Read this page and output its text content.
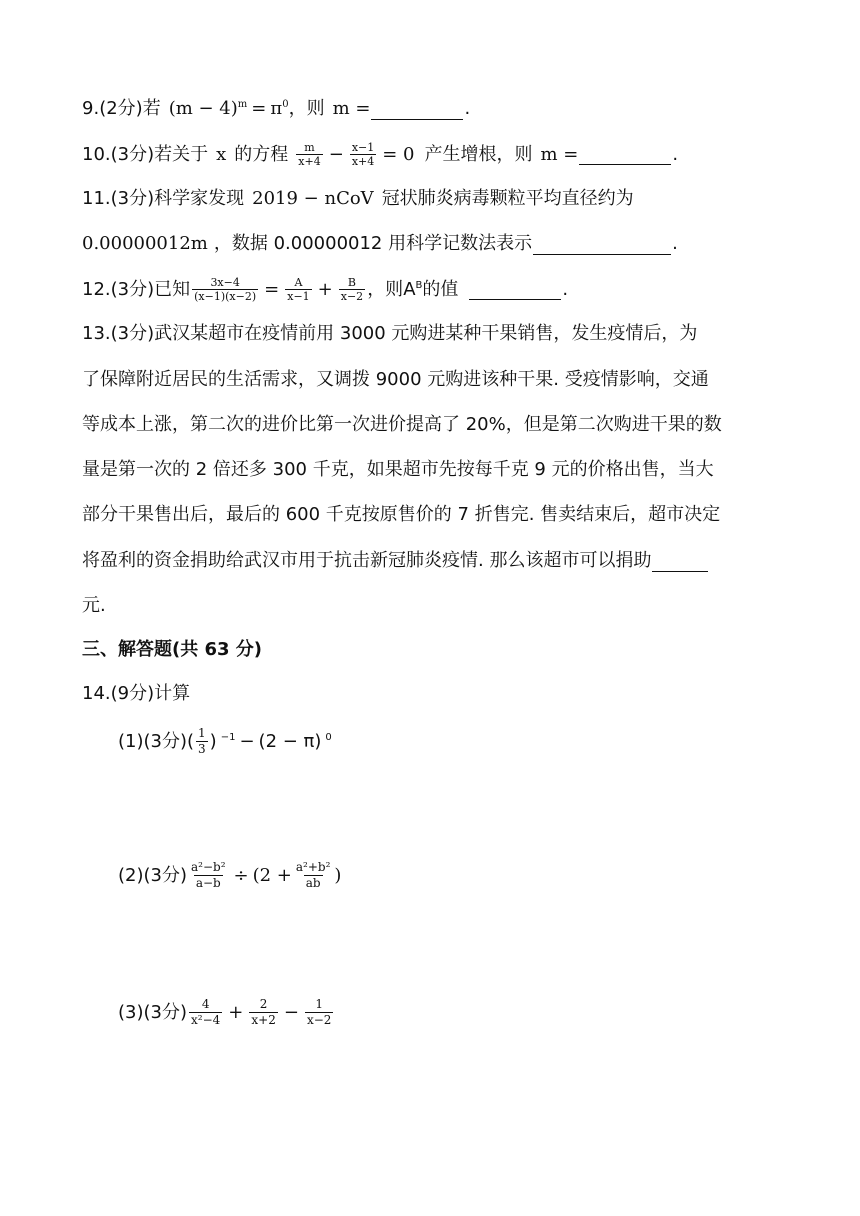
9. (2分) 若 $(m - 4)^m = \pi^0$ ，则 m =	.
10. (3分) 若关于 x 的方程 $\frac{m}{x+4} - \frac{x-1}{x+4} = 0$ 产生增根，则 m =	.
11. (3分) 科学家发现 2019 − nCoV 冠状肺炎病毒颗粒平均直径约为
0.00000012m ，数据 0.00000012 用科学记数法表示	.
12. (3分) 已知 $\frac{3x-4}{(x-1)(x-2)} = \frac{A}{x-1} + \frac{B}{x-2}$ ，则 $A^B$ 的值	.
13. (3分) 武汉某超市在疫情前用 3000 元购进某种干果销售，发生疫情后，为
了保障附近居民的生活需求，又调拨 9000 元购进该种干果. 受疫情影响，交通
等成本上涨，第二次的进价比第一次进价提高了 20%，但是第二次购进干果的数
量是第一次的 2 倍还多 300 千克，如果超市先按每千克 9 元的价格出售，当大
部分干果售出后，最后的 600 千克按原售价的 7 折售完. 售卖结束后，超市决定
将盈利的资金捐助给武汉市用于抗击新冠肺炎疫情. 那么该超市可以捐助
元.
三、解答题(共 63 分)
14. (9分) 计算
(1)(3分) ( $\frac{1}{3}$ ) $^{-1}$ − (2 − π) $^0$
(2)(3分) $\frac{\text{a²−b²}}{a-b} \div (2 + \frac{\text{a²+b²}}{ab}$ )
(3)(3分) $\frac{4}{\text{x²−4}} + \frac{2}{x+2} - \frac{1}{x-2}$
